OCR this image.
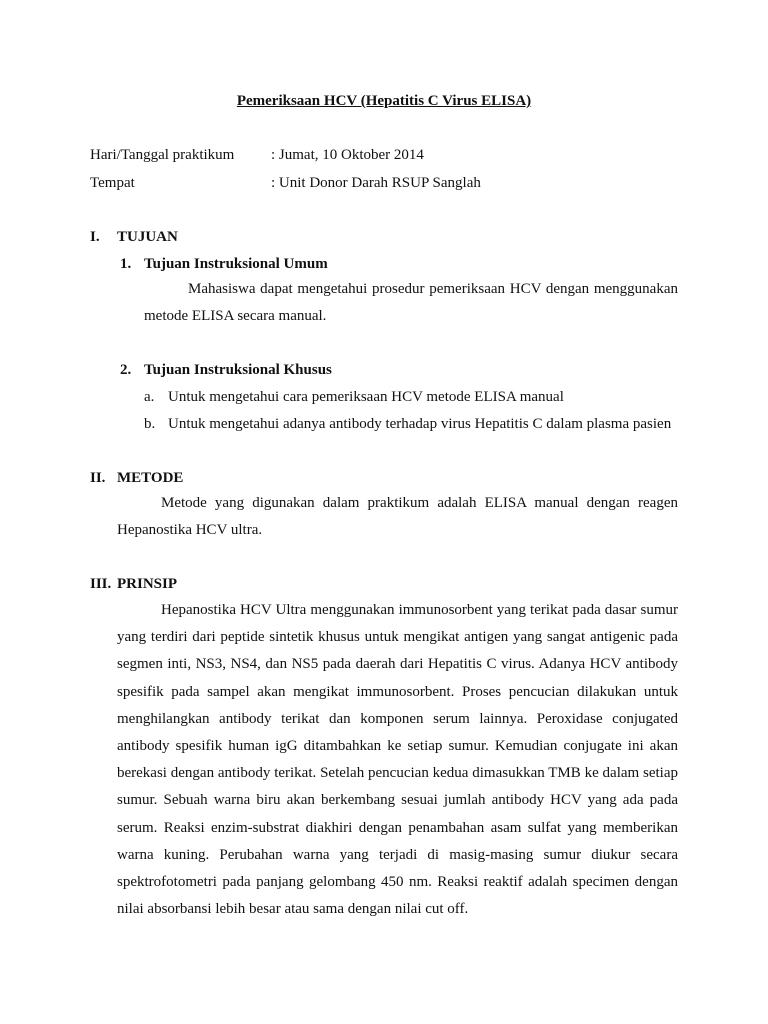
Pemeriksaan HCV (Hepatitis C Virus ELISA)
Hari/Tanggal praktikum : Jumat, 10 Oktober 2014
Tempat	: Unit Donor Darah RSUP Sanglah
I. TUJUAN
1. Tujuan Instruksional Umum
Mahasiswa dapat mengetahui prosedur pemeriksaan HCV dengan menggunakan metode ELISA secara manual.
2. Tujuan Instruksional Khusus
a. Untuk mengetahui cara pemeriksaan HCV metode ELISA manual
b. Untuk mengetahui adanya antibody terhadap virus Hepatitis C dalam plasma pasien
II. METODE
Metode yang digunakan dalam praktikum adalah ELISA manual dengan reagen Hepanostika HCV ultra.
III. PRINSIP
Hepanostika HCV Ultra menggunakan immunosorbent yang terikat pada dasar sumur yang terdiri dari peptide sintetik khusus untuk mengikat antigen yang sangat antigenic pada segmen inti, NS3, NS4, dan NS5 pada daerah dari Hepatitis C virus. Adanya HCV antibody spesifik pada sampel akan mengikat immunosorbent. Proses pencucian dilakukan untuk menghilangkan antibody terikat dan komponen serum lainnya. Peroxidase conjugated antibody spesifik human igG ditambahkan ke setiap sumur. Kemudian conjugate ini akan berekasi dengan antibody terikat. Setelah pencucian kedua dimasukkan TMB ke dalam setiap sumur. Sebuah warna biru akan berkembang sesuai jumlah antibody HCV yang ada pada serum. Reaksi enzim-substrat diakhiri dengan penambahan asam sulfat yang memberikan warna kuning. Perubahan warna yang terjadi di masig-masing sumur diukur secara spektrofotometri pada panjang gelombang 450 nm. Reaksi reaktif adalah specimen dengan nilai absorbansi lebih besar atau sama dengan nilai cut off.
